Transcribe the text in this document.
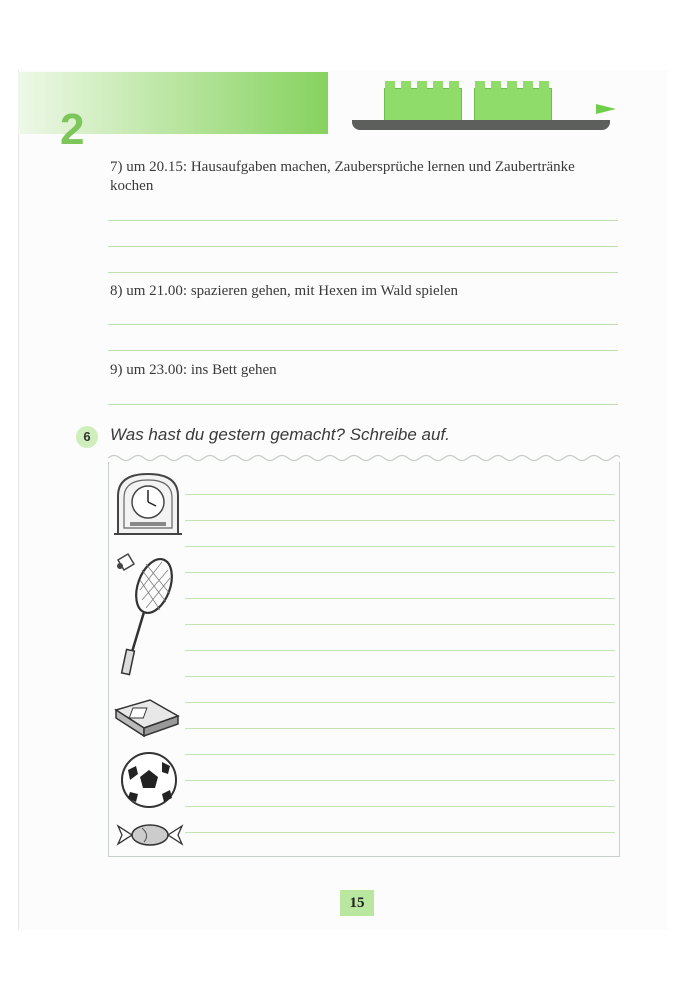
2
7) um 20.15: Hausaufgaben machen, Zaubersprüche lernen und Zaubertränke kochen
8) um 21.00: spazieren gehen, mit Hexen im Wald spielen
9) um 23.00: ins Bett gehen
6	Was hast du gestern gemacht? Schreibe auf.
15
